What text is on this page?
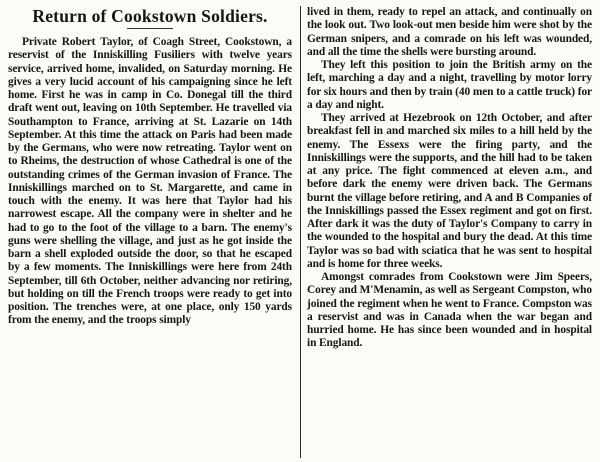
Return of Cookstown Soldiers.

Private Robert Taylor, of Coagh Street, Cookstown, a reservist of the Inniskilling Fusiliers with twelve years service, arrived home, invalided, on Saturday morning. He gives a very lucid account of his campaigning since he left home. First he was in camp in Co. Donegal till the third draft went out, leaving on 10th September. He travelled via Southampton to France, arriving at St. Lazarie on 14th September. At this time the attack on Paris had been made by the Germans, who were now retreating. Taylor went on to Rheims, the destruction of whose Cathedral is one of the outstanding crimes of the German invasion of France. The Inniskillings marched on to St. Margarette, and came in touch with the enemy. It was here that Taylor had his narrowest escape. All the company were in shelter and he had to go to the foot of the village to a barn. The enemy's guns were shelling the village, and just as he got inside the barn a shell exploded outside the door, so that he escaped by a few moments. The Inniskillings were here from 24th September, till 6th October, neither advancing nor retiring, but holding on till the French troops were ready to get into position. The trenches were, at one place, only 150 yards from the enemy, and the troops simply

lived in them, ready to repel an attack, and continually on the look out. Two look-out men beside him were shot by the German snipers, and a comrade on his left was wounded, and all the time the shells were bursting around.

They left this position to join the British army on the left, marching a day and a night, travelling by motor lorry for six hours and then by train (40 men to a cattle truck) for a day and night.

They arrived at Hezebrook on 12th October, and after breakfast fell in and marched six miles to a hill held by the enemy. The Essexs were the firing party, and the Inniskillings were the supports, and the hill had to be taken at any price. The fight commenced at eleven a.m., and before dark the enemy were driven back. The Germans burnt the village before retiring, and A and B Companies of the Inniskillings passed the Essex regiment and got on first. After dark it was the duty of Taylor's Company to carry in the wounded to the hospital and bury the dead. At this time Taylor was so bad with sciatica that he was sent to hospital and is home for three weeks.

Amongst comrades from Cookstown were Jim Speers, Corey and M'Menamin, as well as Sergeant Compston, who joined the regiment when he went to France. Compston was a reservist and was in Canada when the war began and hurried home. He has since been wounded and in hospital in England.
